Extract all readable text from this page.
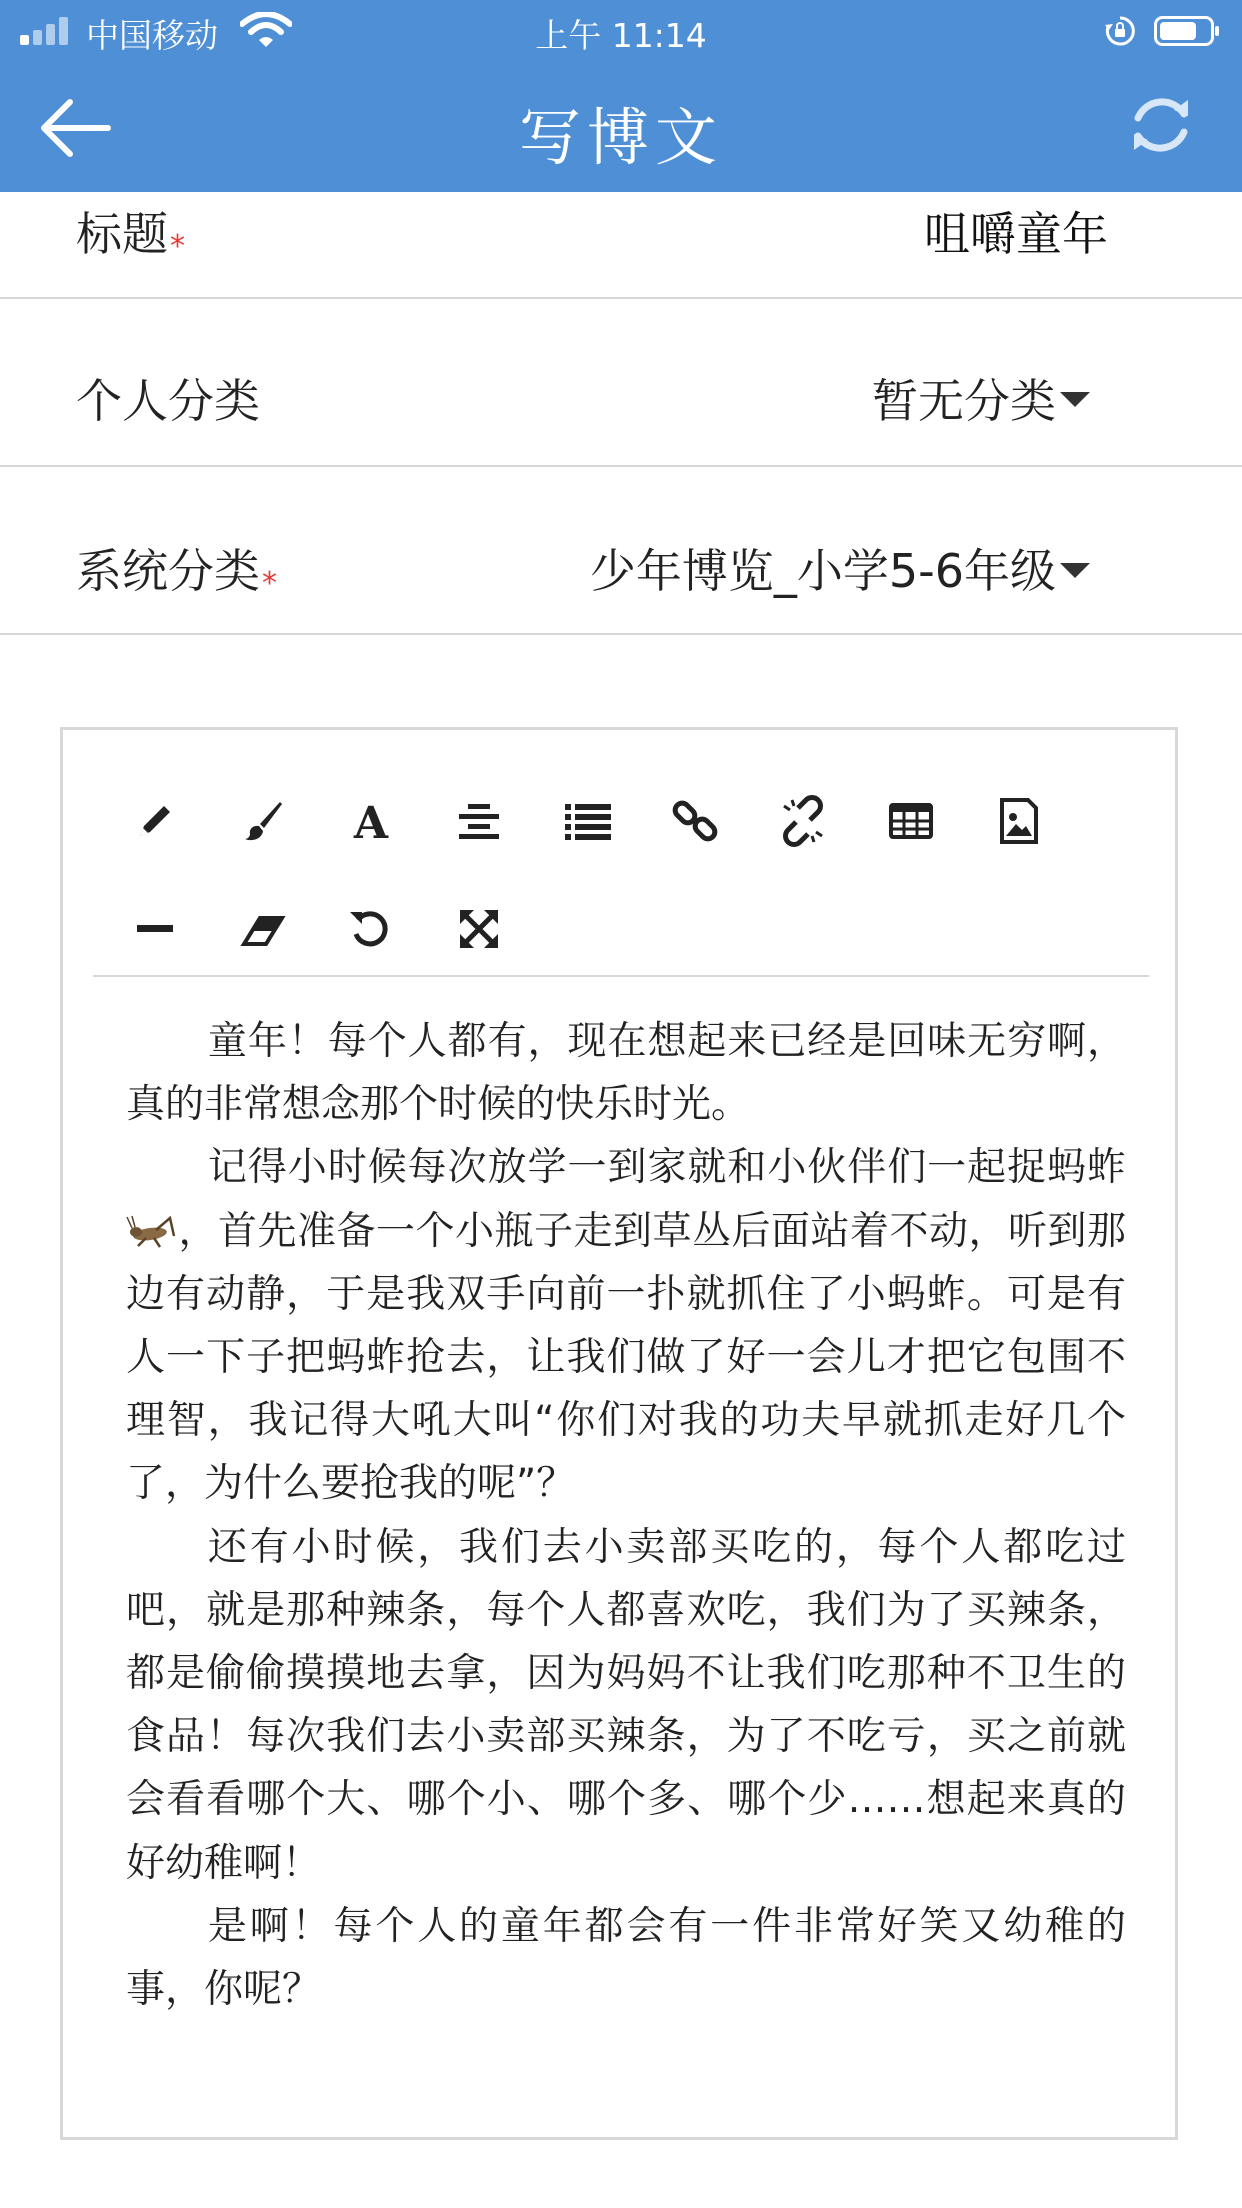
中国移动	上午 11:14
写博文
标题*	咀嚼童年
个人分类	暂无分类
系统分类*	少年博览_小学5-6年级
A

童年！每个人都有，现在想起来已经是回味无穷啊，真的非常想念那个时候的快乐时光。

记得小时候每次放学一到家就和小伙伴们一起捉蚂蚱，首先准备一个小瓶子走到草丛后面站着不动，听到那边有动静，于是我双手向前一扑就抓住了小蚂蚱。可是有人一下子把蚂蚱抢去，让我们做了好一会儿才把它包围不理智，我记得大吼大叫“你们对我的功夫早就抓走好几个了，为什么要抢我的呢”？

还有小时候，我们去小卖部买吃的，每个人都吃过吧，就是那种辣条，每个人都喜欢吃，我们为了买辣条，都是偷偷摸摸地去拿，因为妈妈不让我们吃那种不卫生的食品！每次我们去小卖部买辣条，为了不吃亏，买之前就会看看哪个大、哪个小、哪个多、哪个少……想起来真的好幼稚啊！

是啊！每个人的童年都会有一件非常好笑又幼稚的事，你呢？
